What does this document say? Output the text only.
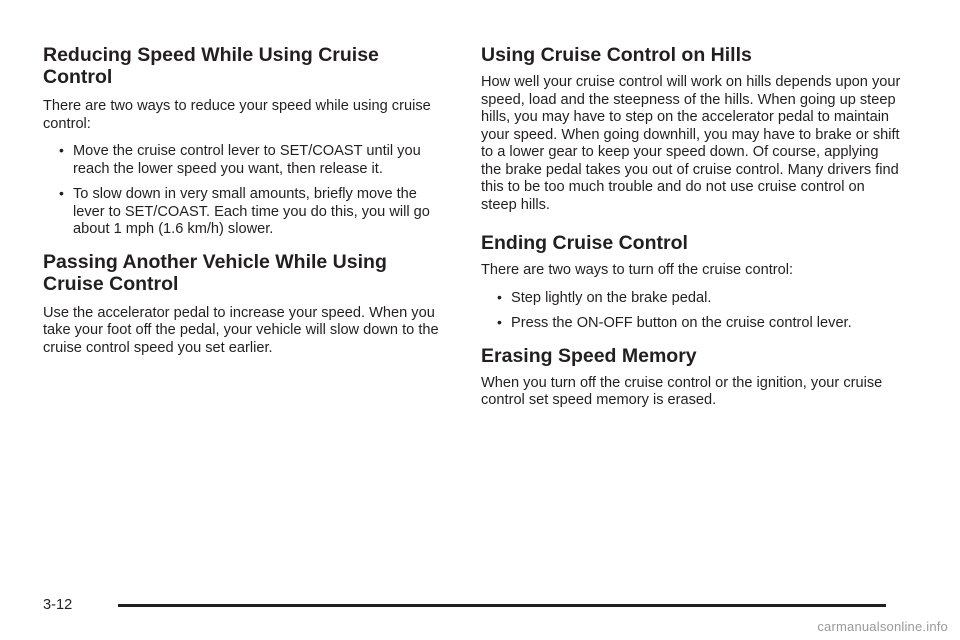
Reducing Speed While Using Cruise Control

There are two ways to reduce your speed while using cruise control:

• Move the cruise control lever to SET/COAST until you reach the lower speed you want, then release it.
• To slow down in very small amounts, briefly move the lever to SET/COAST. Each time you do this, you will go about 1 mph (1.6 km/h) slower.
Passing Another Vehicle While Using Cruise Control

Use the accelerator pedal to increase your speed. When you take your foot off the pedal, your vehicle will slow down to the cruise control speed you set earlier.

Using Cruise Control on Hills

How well your cruise control will work on hills depends upon your speed, load and the steepness of the hills. When going up steep hills, you may have to step on the accelerator pedal to maintain your speed. When going downhill, you may have to brake or shift to a lower gear to keep your speed down. Of course, applying the brake pedal takes you out of cruise control. Many drivers find this to be too much trouble and do not use cruise control on steep hills.

Ending Cruise Control

There are two ways to turn off the cruise control:

• Step lightly on the brake pedal.
• Press the ON-OFF button on the cruise control lever.
Erasing Speed Memory

When you turn off the cruise control or the ignition, your cruise control set speed memory is erased.

3-12
carmanualsonline.info
